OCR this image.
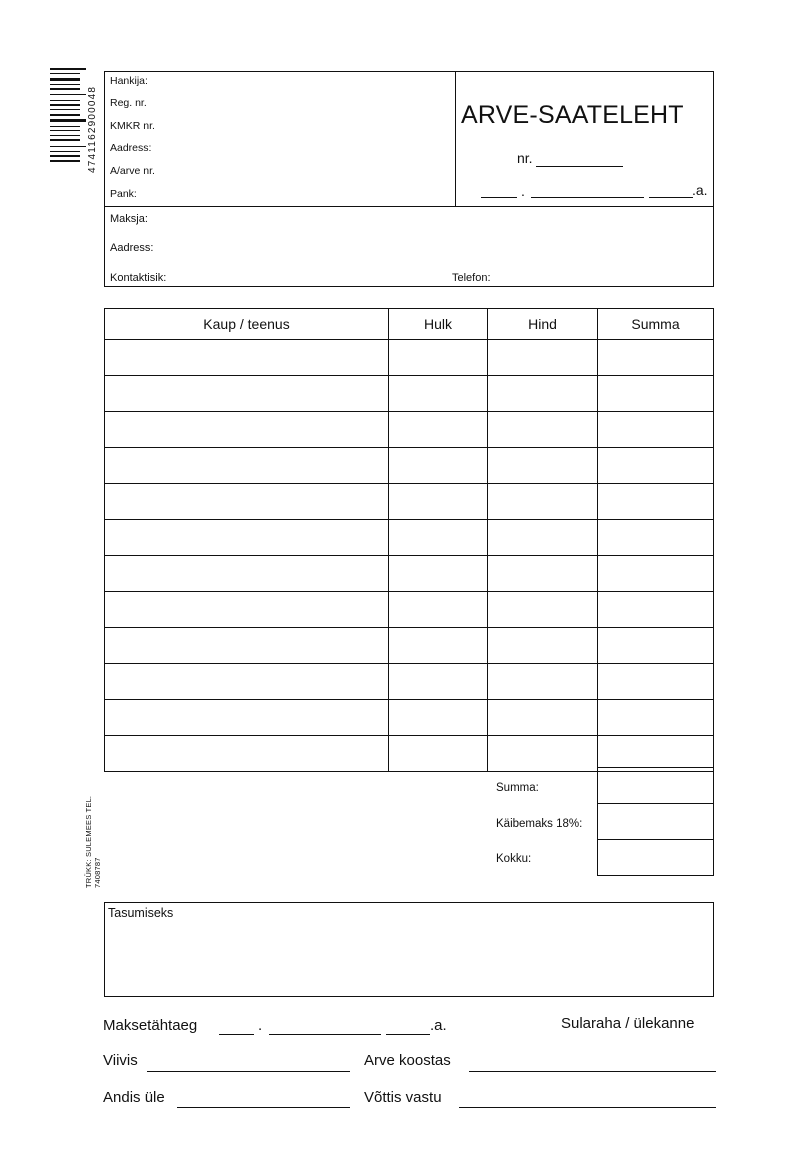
4741162900048
Hankija:
Reg. nr.
KMKR nr.
Aadress:
A/arve nr.
Pank:
ARVE-SAATELEHT
nr.
.	.a.
Maksja:
Aadress:
Kontaktisik:	Telefon:
Kaup / teenus	Hulk	Hind	Summa

Summa:
Käibemaks 18%:
Kokku:
TRÜKK: SULEMEES TEL. 7408787
Tasumiseks
Maksetähtaeg	.	.a.	Sularaha / ülekanne
Viivis	Arve koostas
Andis üle	Võttis vastu
